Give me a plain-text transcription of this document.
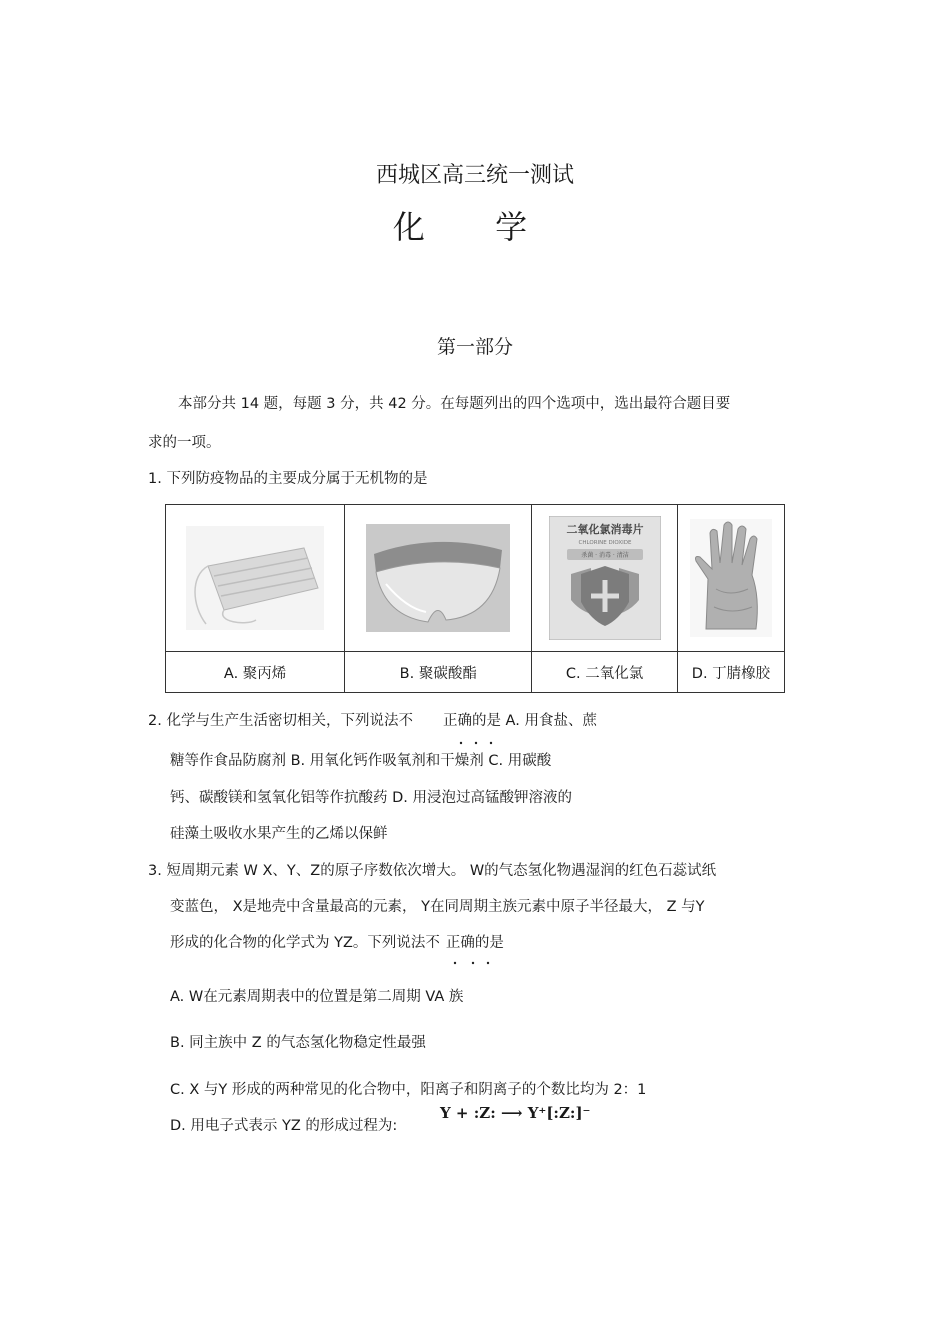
西城区高三统一测试
化 学
第一部分
本部分共 14 题，每题 3 分，共 42 分。在每题列出的四个选项中，选出最符合题目要
求的一项。
1. 下列防疫物品的主要成分属于无机物的是

二氧化氯消毒片
CHLORINE DIOXIDE
杀菌 · 消毒 · 清洁

A. 聚丙烯	B. 聚碳酸酯	C. 二氧化氯	D. 丁腈橡胶
2. 化学与生产生活密切相关，下列说法不 正确的是 A. 用食盐、蔗
糖等作食品防腐剂 B. 用氧化钙作吸氧剂和干燥剂 C. 用碳酸
钙、碳酸镁和氢氧化铝等作抗酸药 D. 用浸泡过高锰酸钾溶液的
硅藻土吸收水果产生的乙烯以保鲜
3. 短周期元素 W X、Y、Z的原子序数依次增大。 W的气态氢化物遇湿润的红色石蕊试纸
变蓝色， X是地壳中含量最高的元素， Y在同周期主族元素中原子半径最大， Z 与Y
形成的化合物的化学式为 YZ。下列说法不 正确的是
A. W在元素周期表中的位置是第二周期 VA 族
B. 同主族中 Z 的气态氢化物稳定性最强
C. X 与Y 形成的两种常见的化合物中，阳离子和阴离子的个数比均为 2：1
D. 用电子式表示 YZ 的形成过程为:
Y + :Z: ⟶ Y⁺[:Z:]⁻
